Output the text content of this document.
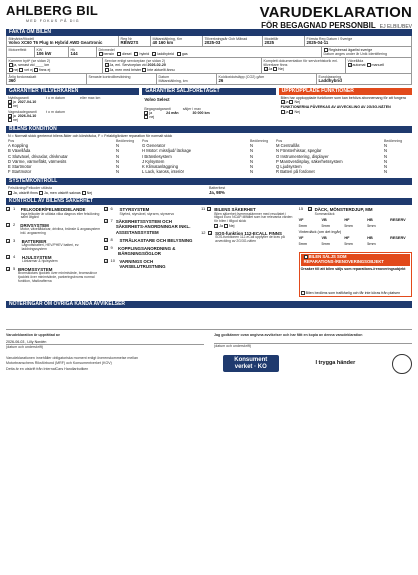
AHLBERG BIL
MED FOKUS PÅ DIG	VARUDEKLARATION
FÖR BEGAGNAD PERSONBIL EJ ELBIL/BEV
FAKTA OM BILEN
Bilmärke/Modell
Volvo XC60 T6 Plug In Hybrid AWD Geartronic
Reg Nr
RBW27S
Mätarställning, Km
40 160 km
Tillverkningsår Och Månad
2025-03
Modellår
2025
Förrsta Reg Datum I Sverige
2025-04-11
Motoreffekt	KW
106 kW
Hk
144
Drivmedel
bensin diesel hybrid ✓laddhybrid gas
Registrerad ägarlist sverige
Datum anges under år Unik Identifiering
Kamrem bytt* (se sidan 2)
ja, senast vid ____ km
nej vet ej finns ej
Service enligt serviceplan (se sidan 2)
✓Ja, enl. Serviceplan vid 2026-02-20
Ja, men med brister Inte aktuellt ännu
Komplett dokumentation för servicehistorik enl. tillverkare finns
✓Ja Nej
Växellåda
✓automat manuell
Årlig fordonsskatt
360
Senaste kontrollbesiktning	Datum
Mätarställning, km
Koldioxidutsläpp (CO2) g/km
26
Euroklassning
Laddhybrid
GARANTIER TILLVERKAREN
Nybilsgaranti	t o m datum	eller max km
✓ja 2027-04-10
nej
Vagnskadegaranti	t o m datum
✓ja 2026-04-10
nej
GARANTIER SÄLJFÖRETAGET
Volvo Select
Begagnatgaranti	säljer i max
✓ja	24 mån	30 000 km
nej
UPPKOPPLADE FUNKTIONER
Bilen har uppkopplade funktioner som kan behöva abonnemang för att fungera
✓ja Nej
FUNKTIONERNA PÅVERKAS AV AVVECKLING AV 2G/3G-NÄTEN
ja ✓Nej
BILENS KONDITION
N = Normalt skick gentemot bilens ålder och körsträcka, F = Felaktig/kräver reparation för normalt skick
Pos	Bedömning	Pos	Bedömning	Pos	Bedömning
A Koppling	N	G Generator	N	M Centrallås	N
B Växellåda	N	H Motor: missljud/ läckage	N	N Fönsterhissar, speglar	N
C Slutväxel, drivaxlar, drivknutar	N	I Bränslesystem	N	O Instrumentering, displayer	N
D Värme, värmefläkt, värmesits	N	J Kylsystem	N	P Manöverdisplay, säkerhetssystem	N
E Startmotor	N	K Klimatanläggning	N	Q Ljudsystem	N
F Startmotor	N	L Lack, kaross, interiör	N	R Batteri på fordonet	N
SYSTEMKONTROLL
Felsökning/Felkoder utlästa
✓Ja, utskrift finns Ja, men utskrift saknas Nej
Batteritest
Ja, 98%
KONTROLL AV BILENS SÄKERHET
✓ 1	FELKODER/FELMEDDELANDE
Inga felkoder är utlästa vilka diagnos eller felsökning samt åtgärd
✓ 2	DRIVSYSTEM
Motor, växellåda/car, drivlina, bränsle & avgassystem inkl. avgasrening
✓ 3	BATTERIER
Lågvoltsbatteri, HEV/PHEV batteri, ev. laddningssystem
✓ 4	HJULSYSTEM
Lärkarmar & hjulsystem
✓ 5 BROMSSYSTEM
Bromsklotars tjocklek över minimivärde, bromsskivor tjocklek över minimivärde, parkeringsbroms normal funktion, hästkrafterna
✓ 6	STYRSYSTEM
Styrled, styrväxel, styrarm, styrservo
✓ 7 SÄKERHETSSYSTEM OCH SÄKERHETS-ANORDNINGAR INKL. ASSISTANSSYSTEM
✓ 8	STRÅLKASTARE OCH BELYSNING
✓ 9	KOPPLINGSANORDNING & BÄRGNINGSÖGLOR
✓ 10 VARNINGS OCH VARSELUTRUSTNING
11 ✓ BILENS SÄKERHET
Bilen säkerhet överensstämmer med resultatet i tillgod Euro NCAP-tillfället som har relevanta värden för bilen i tillgod skick
✓Ja Nej
12 ✓ SOS-funktion 112-ECALL FINNS
SOS-funktionen 112-eCall uppfyller de krav på avveckling av 2G/3G-näten
15	✓ DÄCK, MÖNSTERDJUP, MM
Sommardäck
VF	VB	HF	HB	RESERV
5mm	5mm	5mm	5mm
Vinterdäck (om det ingår)
VF	VB	HF	HB	RESERV
5mm	5mm	5mm	5mm
BILEN SÄLJS SOM REPARATIONS-/RENOVERINGSOBJEKT
Orsaker till att bilen säljs som reparations-/renoveringsobjekt
Bilen bedöms som trafikfarlig och får inte köras från platsen
NOTERINGAR OM ÖVRIGA KÄNDA AVVIKELSER
Varudeklaration är upprättad av
2026-06-03 , Lilly Nordén
(datum och underskrift)
Jag godkänner ovan angivna avvikelser och har fått en kopia av denna varudeklaration
(datum och underskrift)
Varudeklarationen innehåller obligatoriska moment enligt överenskommelse mellan
Motorbranschens Riksförbund (MRF) och Konsumentverket (KOV)
Detta är en utskrift från InternalCars Handlarbutiken
Konsument verket · KO
I trygga händer
